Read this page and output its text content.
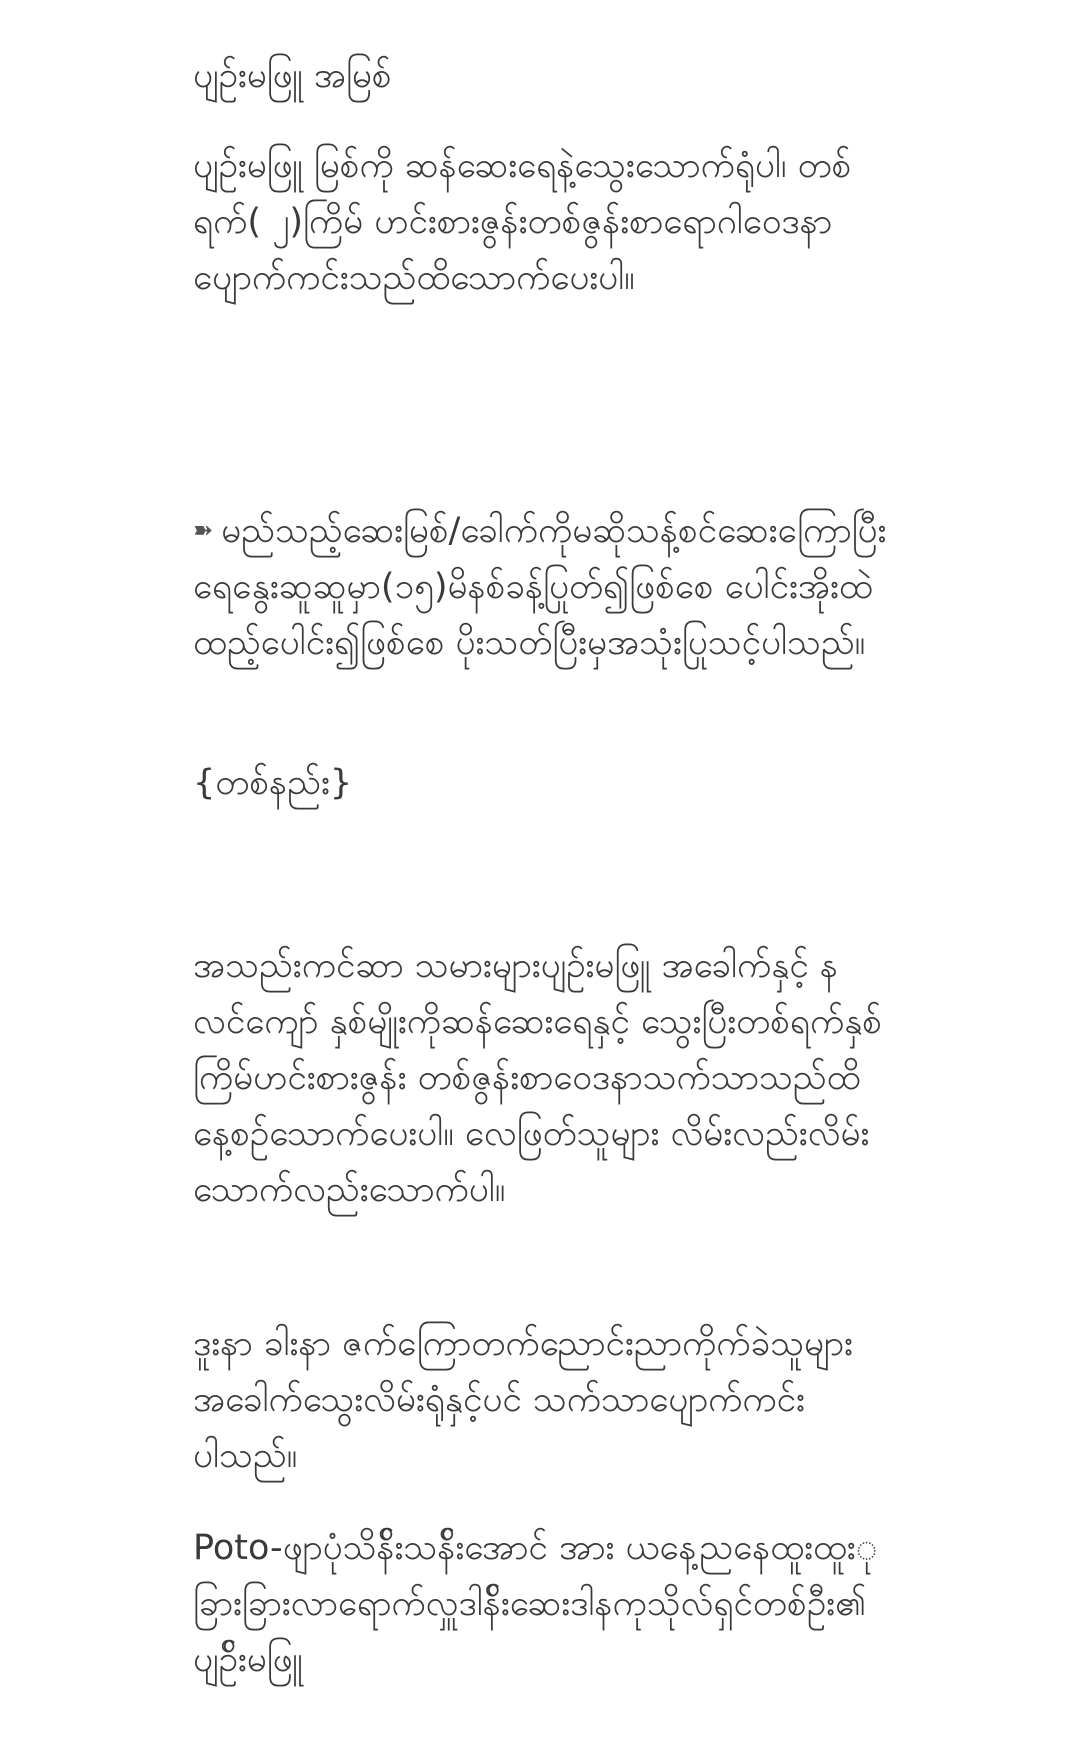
ပျဉ်းမဖြူ အမြစ်

ပျဉ်းမဖြူ မြစ်ကို ဆန်ဆေးရေနဲ့သွေးသောက်ရုံပါ၊ တစ်ရက်( ၂)ကြိမ် ဟင်းစားဇွန်းတစ်ဇွန်းစာရောဂါဝေဒနာပျောက်ကင်းသည်ထိသောက်ပေးပါ။

➽ မည်သည့်ဆေးမြစ်/ခေါက်ကိုမဆိုသန့်စင်ဆေးကြောပြီးရေနွေးဆူဆူမှာ(၁၅)မိနစ်ခန့်ပြုတ်၍ဖြစ်စေ ပေါင်းအိုးထဲထည့်ပေါင်း၍ဖြစ်စေ ပိုးသတ်ပြီးမှအသုံးပြုသင့်ပါသည်။

{တစ်နည်း}

အသည်းကင်ဆာ သမားများပျဉ်းမဖြူ အခေါက်နှင့် နလင်ကျော် နှစ်မျိုးကိုဆန်ဆေးရေနှင့် သွေးပြီးတစ်ရက်နှစ်ကြိမ်ဟင်းစားဇွန်း တစ်ဇွန်းစာဝေဒနာသက်သာသည်ထိ နေ့စဉ်သောက်ပေးပါ။ လေဖြတ်သူများ လိမ်းလည်းလိမ်းသောက်လည်းသောက်ပါ။

ဒူးနာ ခါးနာ ဇက်ကြောတက်ညောင်းညာကိုက်ခဲသူများ အခေါက်သွေးလိမ်းရုံနှင့်ပင် သက်သာပျောက်ကင်းပါသည်။

Poto-ဖျာပုံသိန်ိးသန်ိးအောင် အား ယနေ့ညနေထူးထူးုခြားခြားလာရောက်လှူဒါန်ိးဆေးဒါနကုသိုလ်ရှင်တစ်ဦး၏ ပျဉ်ိးမဖြူ
